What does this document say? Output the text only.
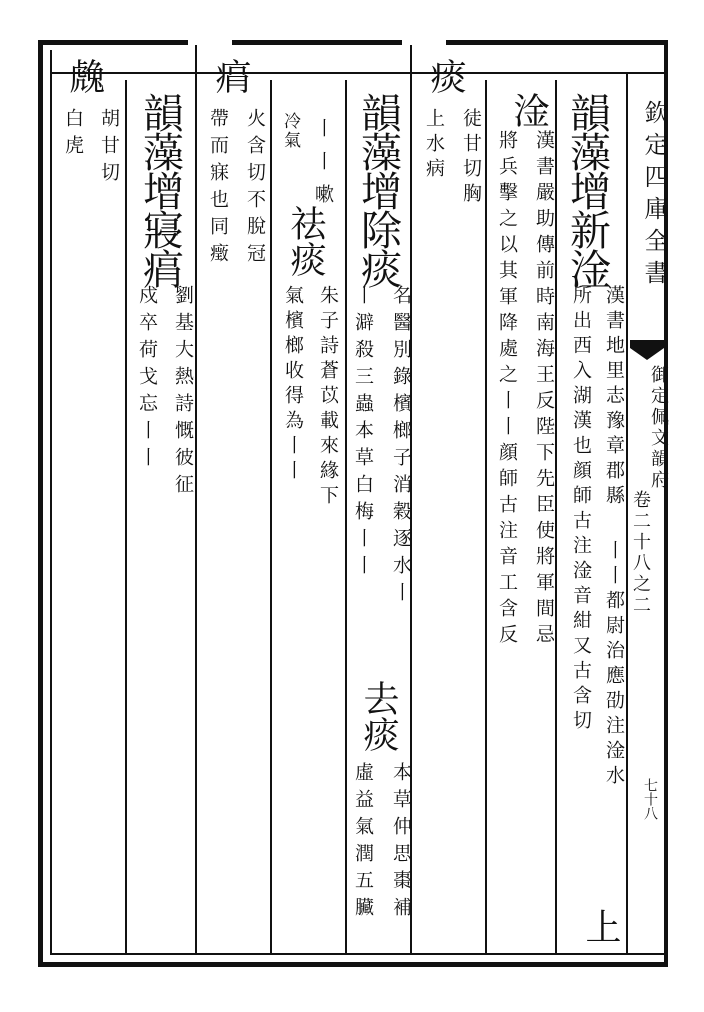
欽定四庫全書
御定佩文韻府
卷二十八之二
七十八
韻藻增新淦
漢書地里志豫章郡縣
所出西入湖漢也顔師古注淦音紺又古含切 丨丨都尉治應劭注淦水
上
淦
漢書嚴助傳前時南海王反陛下先臣使將軍間忌
將兵擊之以其軍降處之丨丨顔師古注音工含反
痰
徒甘切胸
上水病
韻藻增除痰
名醫別錄檳榔子消穀逐水丨
丨澼殺三蟲本草白梅丨丨
去痰
本草仲思棗補
虛益氣潤五臟
丨丨嗽
冷氣
祛痰
朱子詩蒼苡載來緣下
氣檳榔收得為丨丨
㾓
火含切不脫冠
帶而寐也同㿂
韻藻增寢㾓
劉基大熱詩慨彼征
戍卒荷戈忘丨丨
䖘
胡甘切
白虎
